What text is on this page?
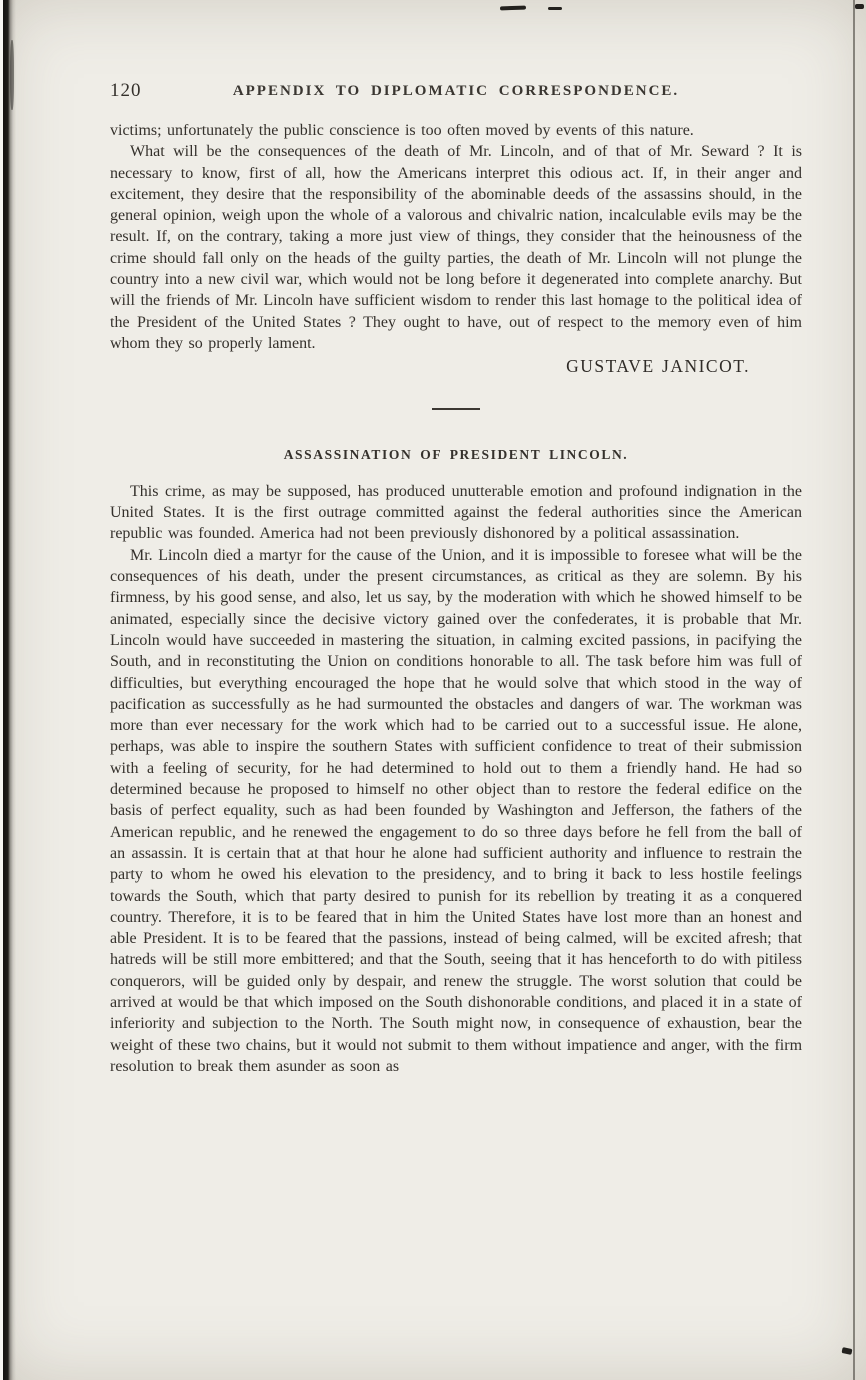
120	APPENDIX TO DIPLOMATIC CORRESPONDENCE.

victims; unfortunately the public conscience is too often moved by events of this nature.

What will be the consequences of the death of Mr. Lincoln, and of that of Mr. Seward ? It is necessary to know, first of all, how the Americans interpret this odious act. If, in their anger and excitement, they desire that the responsibility of the abominable deeds of the assassins should, in the general opinion, weigh upon the whole of a valorous and chivalric nation, incalculable evils may be the result. If, on the contrary, taking a more just view of things, they consider that the heinousness of the crime should fall only on the heads of the guilty parties, the death of Mr. Lincoln will not plunge the country into a new civil war, which would not be long before it degenerated into complete anarchy. But will the friends of Mr. Lincoln have sufficient wisdom to render this last homage to the political idea of the President of the United States ? They ought to have, out of respect to the memory even of him whom they so properly lament.

GUSTAVE JANICOT.
ASSASSINATION OF PRESIDENT LINCOLN.

This crime, as may be supposed, has produced unutterable emotion and profound indignation in the United States. It is the first outrage committed against the federal authorities since the American republic was founded. America had not been previously dishonored by a political assassination.

Mr. Lincoln died a martyr for the cause of the Union, and it is impossible to foresee what will be the consequences of his death, under the present circumstances, as critical as they are solemn. By his firmness, by his good sense, and also, let us say, by the moderation with which he showed himself to be animated, especially since the decisive victory gained over the confederates, it is probable that Mr. Lincoln would have succeeded in mastering the situation, in calming excited passions, in pacifying the South, and in reconstituting the Union on conditions honorable to all. The task before him was full of difficulties, but everything encouraged the hope that he would solve that which stood in the way of pacification as successfully as he had surmounted the obstacles and dangers of war. The workman was more than ever necessary for the work which had to be carried out to a successful issue. He alone, perhaps, was able to inspire the southern States with sufficient confidence to treat of their submission with a feeling of security, for he had determined to hold out to them a friendly hand. He had so determined because he proposed to himself no other object than to restore the federal edifice on the basis of perfect equality, such as had been founded by Washington and Jefferson, the fathers of the American republic, and he renewed the engagement to do so three days before he fell from the ball of an assassin. It is certain that at that hour he alone had sufficient authority and influence to restrain the party to whom he owed his elevation to the presidency, and to bring it back to less hostile feelings towards the South, which that party desired to punish for its rebellion by treating it as a conquered country. Therefore, it is to be feared that in him the United States have lost more than an honest and able President. It is to be feared that the passions, instead of being calmed, will be excited afresh; that hatreds will be still more embittered; and that the South, seeing that it has henceforth to do with pitiless conquerors, will be guided only by despair, and renew the struggle. The worst solution that could be arrived at would be that which imposed on the South dishonorable conditions, and placed it in a state of inferiority and subjection to the North. The South might now, in consequence of exhaustion, bear the weight of these two chains, but it would not submit to them without impatience and anger, with the firm resolution to break them asunder as soon as
